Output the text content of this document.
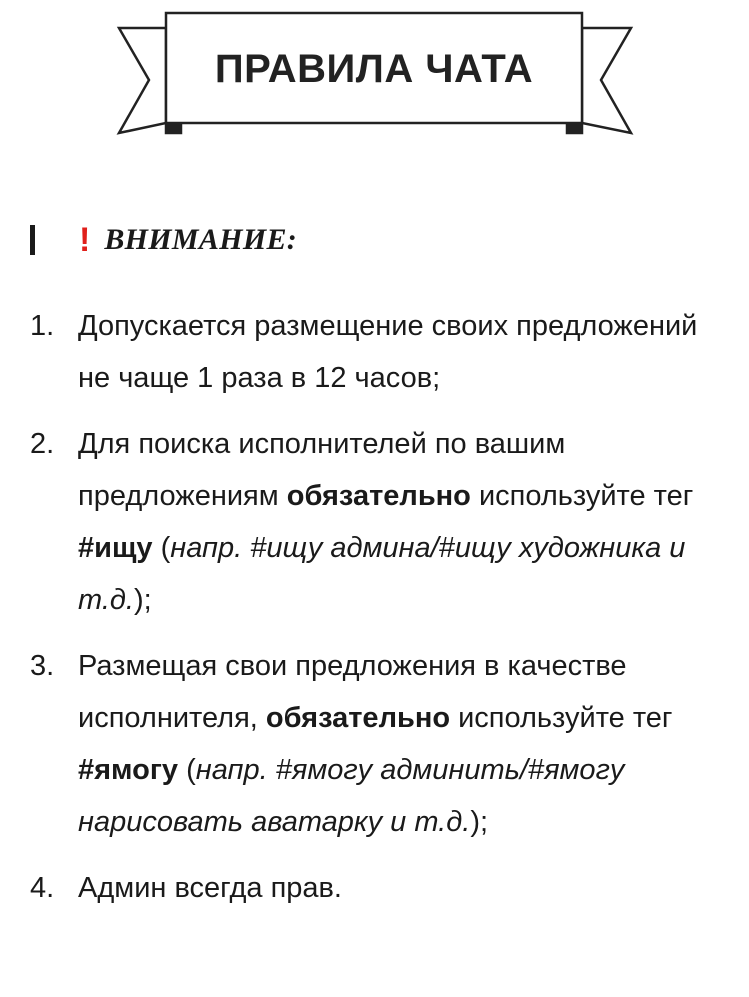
ПРАВИЛА ЧАТА
! ВНИМАНИЕ:
1. Допускается размещение своих предложений не чаще 1 раза в 12 часов;
2. Для поиска исполнителей по вашим предложениям обязательно используйте тег #ищу (напр. #ищу админа/#ищу художника и т.д.);
3. Размещая свои предложения в качестве исполнителя, обязательно используйте тег #ямогу (напр. #ямогу админить/#ямогу нарисовать аватарку и т.д.);
4. Админ всегда прав.
